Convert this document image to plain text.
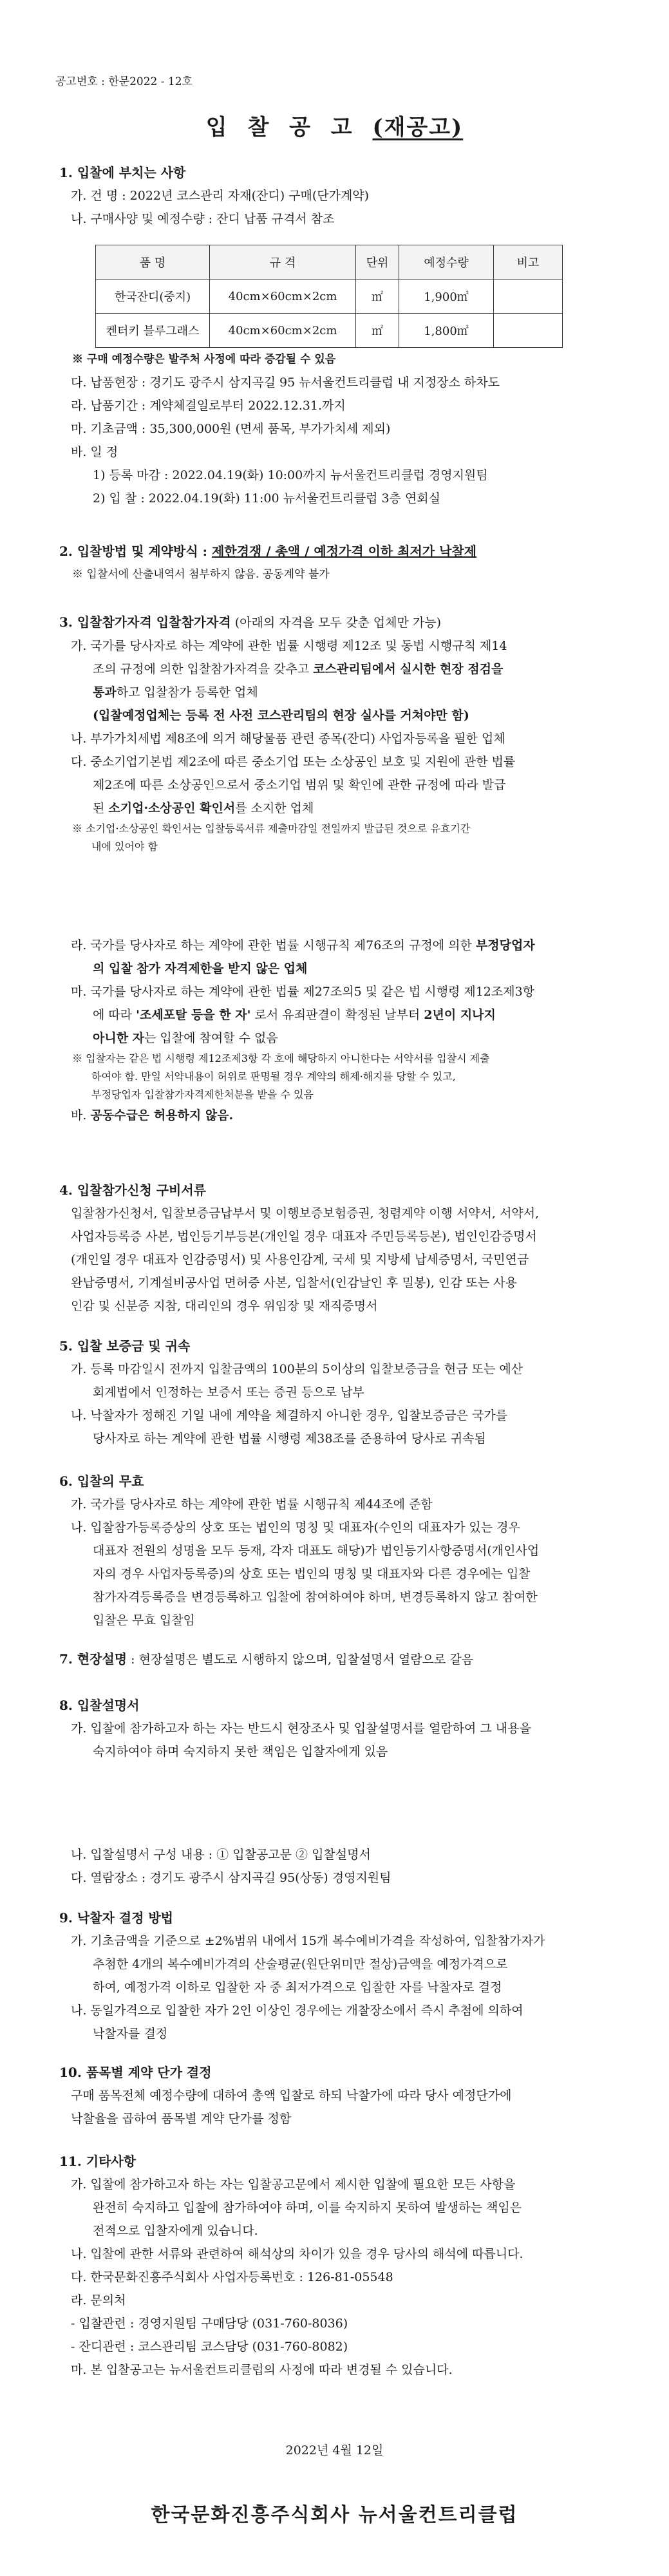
공고번호 : 한문2022 - 12호
입 찰 공 고 (재공고)

1. 입찰에 부치는 사항

가. 건 명 : 2022년 코스관리 자재(잔디) 구매(단가계약)

나. 구매사양 및 예정수량 : 잔디 납품 규격서 참조

품 명	규 격	단위	예정수량	비고
한국잔디(중지)	40cm×60cm×2cm	㎡	1,900㎡	
켄터키 블루그래스	40cm×60cm×2cm	㎡	1,800㎡	

※ 구매 예정수량은 발주처 사정에 따라 증감될 수 있음

다. 납품현장 : 경기도 광주시 삼지곡길 95 뉴서울컨트리클럽 내 지정장소 하차도

라. 납품기간 : 계약체결일로부터 2022.12.31.까지

마. 기초금액 : 35,300,000원 (면세 품목, 부가가치세 제외)

바. 일 정

1) 등록 마감 : 2022.04.19(화) 10:00까지 뉴서울컨트리클럽 경영지원팀

2) 입 찰 : 2022.04.19(화) 11:00 뉴서울컨트리클럽 3층 연회실

2. 입찰방법 및 계약방식 : 제한경쟁 / 총액 / 예정가격 이하 최저가 낙찰제

※ 입찰서에 산출내역서 첨부하지 않음. 공동계약 불가

3. 입찰참가자격 입찰참가자격 (아래의 자격을 모두 갖춘 업체만 가능)

가. 국가를 당사자로 하는 계약에 관한 법률 시행령 제12조 및 동법 시행규칙 제14

조의 규정에 의한 입찰참가자격을 갖추고 코스관리팀에서 실시한 현장 점검을

통과하고 입찰참가 등록한 업체

(입찰예정업체는 등록 전 사전 코스관리팀의 현장 실사를 거쳐야만 함)

나. 부가가치세법 제8조에 의거 해당물품 관련 종목(잔디) 사업자등록을 필한 업체

다. 중소기업기본법 제2조에 따른 중소기업 또는 소상공인 보호 및 지원에 관한 법률

제2조에 따른 소상공인으로서 중소기업 범위 및 확인에 관한 규정에 따라 발급

된 소기업·소상공인 확인서를 소지한 업체

※ 소기업·소상공인 확인서는 입찰등록서류 제출마감일 전일까지 발급된 것으로 유효기간

내에 있어야 함

라. 국가를 당사자로 하는 계약에 관한 법률 시행규칙 제76조의 규정에 의한 부정당업자

의 입찰 참가 자격제한을 받지 않은 업체

마. 국가를 당사자로 하는 계약에 관한 법률 제27조의5 및 같은 법 시행령 제12조제3항

에 따라 '조세포탈 등을 한 자' 로서 유죄판결이 확정된 날부터 2년이 지나지

아니한 자는 입찰에 참여할 수 없음

※ 입찰자는 같은 법 시행령 제12조제3항 각 호에 해당하지 아니한다는 서약서를 입찰시 제출

하여야 함. 만일 서약내용이 허위로 판명될 경우 계약의 해제·해지를 당할 수 있고,

부정당업자 입찰참가자격제한처분을 받을 수 있음

바. 공동수급은 허용하지 않음.

4. 입찰참가신청 구비서류

입찰참가신청서, 입찰보증금납부서 및 이행보증보험증권, 청렴계약 이행 서약서, 서약서,

사업자등록증 사본, 법인등기부등본(개인일 경우 대표자 주민등록등본), 법인인감증명서

(개인일 경우 대표자 인감증명서) 및 사용인감계, 국세 및 지방세 납세증명서, 국민연금

완납증명서, 기계설비공사업 면허증 사본, 입찰서(인감날인 후 밀봉), 인감 또는 사용

인감 및 신분증 지참, 대리인의 경우 위임장 및 재직증명서

5. 입찰 보증금 및 귀속

가. 등록 마감일시 전까지 입찰금액의 100분의 5이상의 입찰보증금을 현금 또는 예산

회계법에서 인정하는 보증서 또는 증권 등으로 납부

나. 낙찰자가 정해진 기일 내에 계약을 체결하지 아니한 경우, 입찰보증금은 국가를

당사자로 하는 계약에 관한 법률 시행령 제38조를 준용하여 당사로 귀속됨

6. 입찰의 무효

가. 국가를 당사자로 하는 계약에 관한 법률 시행규칙 제44조에 준함

나. 입찰참가등록증상의 상호 또는 법인의 명칭 및 대표자(수인의 대표자가 있는 경우

대표자 전원의 성명을 모두 등재, 각자 대표도 해당)가 법인등기사항증명서(개인사업

자의 경우 사업자등록증)의 상호 또는 법인의 명칭 및 대표자와 다른 경우에는 입찰

참가자격등록증을 변경등록하고 입찰에 참여하여야 하며, 변경등록하지 않고 참여한

입찰은 무효 입찰임

7. 현장설명 : 현장설명은 별도로 시행하지 않으며, 입찰설명서 열람으로 갈음

8. 입찰설명서

가. 입찰에 참가하고자 하는 자는 반드시 현장조사 및 입찰설명서를 열람하여 그 내용을

숙지하여야 하며 숙지하지 못한 책임은 입찰자에게 있음

나. 입찰설명서 구성 내용 : ① 입찰공고문 ② 입찰설명서

다. 열람장소 : 경기도 광주시 삼지곡길 95(상동) 경영지원팀

9. 낙찰자 결정 방법

가. 기초금액을 기준으로 ±2%범위 내에서 15개 복수예비가격을 작성하여, 입찰참가자가

추첨한 4개의 복수예비가격의 산술평균(원단위미만 절상)금액을 예정가격으로

하여, 예정가격 이하로 입찰한 자 중 최저가격으로 입찰한 자를 낙찰자로 결정

나. 동일가격으로 입찰한 자가 2인 이상인 경우에는 개찰장소에서 즉시 추첨에 의하여

낙찰자를 결정

10. 품목별 계약 단가 결정

구매 품목전체 예정수량에 대하여 총액 입찰로 하되 낙찰가에 따라 당사 예정단가에

낙찰율을 곱하여 품목별 계약 단가를 정함

11. 기타사항

가. 입찰에 참가하고자 하는 자는 입찰공고문에서 제시한 입찰에 필요한 모든 사항을

완전히 숙지하고 입찰에 참가하여야 하며, 이를 숙지하지 못하여 발생하는 책임은

전적으로 입찰자에게 있습니다.

나. 입찰에 관한 서류와 관련하여 해석상의 차이가 있을 경우 당사의 해석에 따릅니다.

다. 한국문화진흥주식회사 사업자등록번호 : 126-81-05548

라. 문의처

- 입찰관련 : 경영지원팀 구매담당 (031-760-8036)

- 잔디관련 : 코스관리팀 코스담당 (031-760-8082)

마. 본 입찰공고는 뉴서울컨트리클럽의 사정에 따라 변경될 수 있습니다.

2022년 4월 12일
한국문화진흥주식회사 뉴서울컨트리클럽
